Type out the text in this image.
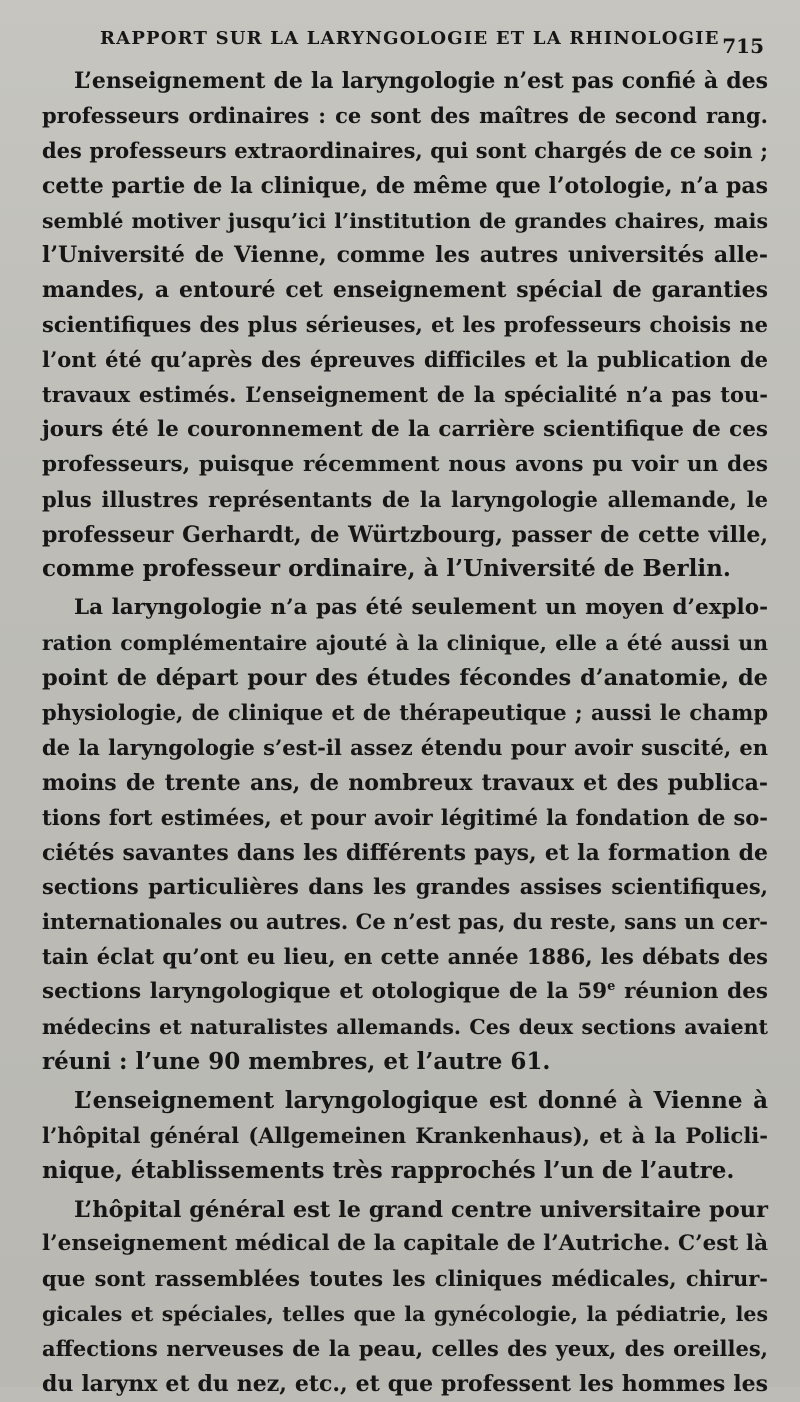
RAPPORT SUR LA LARYNGOLOGIE ET LA RHINOLOGIE 715
L’enseignement de la laryngologie n’est pas confié à des
professeurs ordinaires : ce sont des maîtres de second rang.
des professeurs extraordinaires, qui sont chargés de ce soin ;
cette partie de la clinique, de même que l’otologie, n’a pas
semblé motiver jusqu’ici l’institution de grandes chaires, mais
l’Université de Vienne, comme les autres universités alle-
mandes, a entouré cet enseignement spécial de garanties
scientifiques des plus sérieuses, et les professeurs choisis ne
l’ont été qu’après des épreuves difficiles et la publication de
travaux estimés. L’enseignement de la spécialité n’a pas tou-
jours été le couronnement de la carrière scientifique de ces
professeurs, puisque récemment nous avons pu voir un des
plus illustres représentants de la laryngologie allemande, le
professeur Gerhardt, de Würtzbourg, passer de cette ville,
comme professeur ordinaire, à l’Université de Berlin.
La laryngologie n’a pas été seulement un moyen d’explo-
ration complémentaire ajouté à la clinique, elle a été aussi un
point de départ pour des études fécondes d’anatomie, de
physiologie, de clinique et de thérapeutique ; aussi le champ
de la laryngologie s’est-il assez étendu pour avoir suscité, en
moins de trente ans, de nombreux travaux et des publica-
tions fort estimées, et pour avoir légitimé la fondation de so-
ciétés savantes dans les différents pays, et la formation de
sections particulières dans les grandes assises scientifiques,
internationales ou autres. Ce n’est pas, du reste, sans un cer-
tain éclat qu’ont eu lieu, en cette année 1886, les débats des
sections laryngologique et otologique de la 59e réunion des
médecins et naturalistes allemands. Ces deux sections avaient
réuni : l’une 90 membres, et l’autre 61.
L’enseignement laryngologique est donné à Vienne à
l’hôpital général (Allgemeinen Krankenhaus), et à la Policli-
nique, établissements très rapprochés l’un de l’autre.
L’hôpital général est le grand centre universitaire pour
l’enseignement médical de la capitale de l’Autriche. C’est là
que sont rassemblées toutes les cliniques médicales, chirur-
gicales et spéciales, telles que la gynécologie, la pédiatrie, les
affections nerveuses de la peau, celles des yeux, des oreilles,
du larynx et du nez, etc., et que professent les hommes les
